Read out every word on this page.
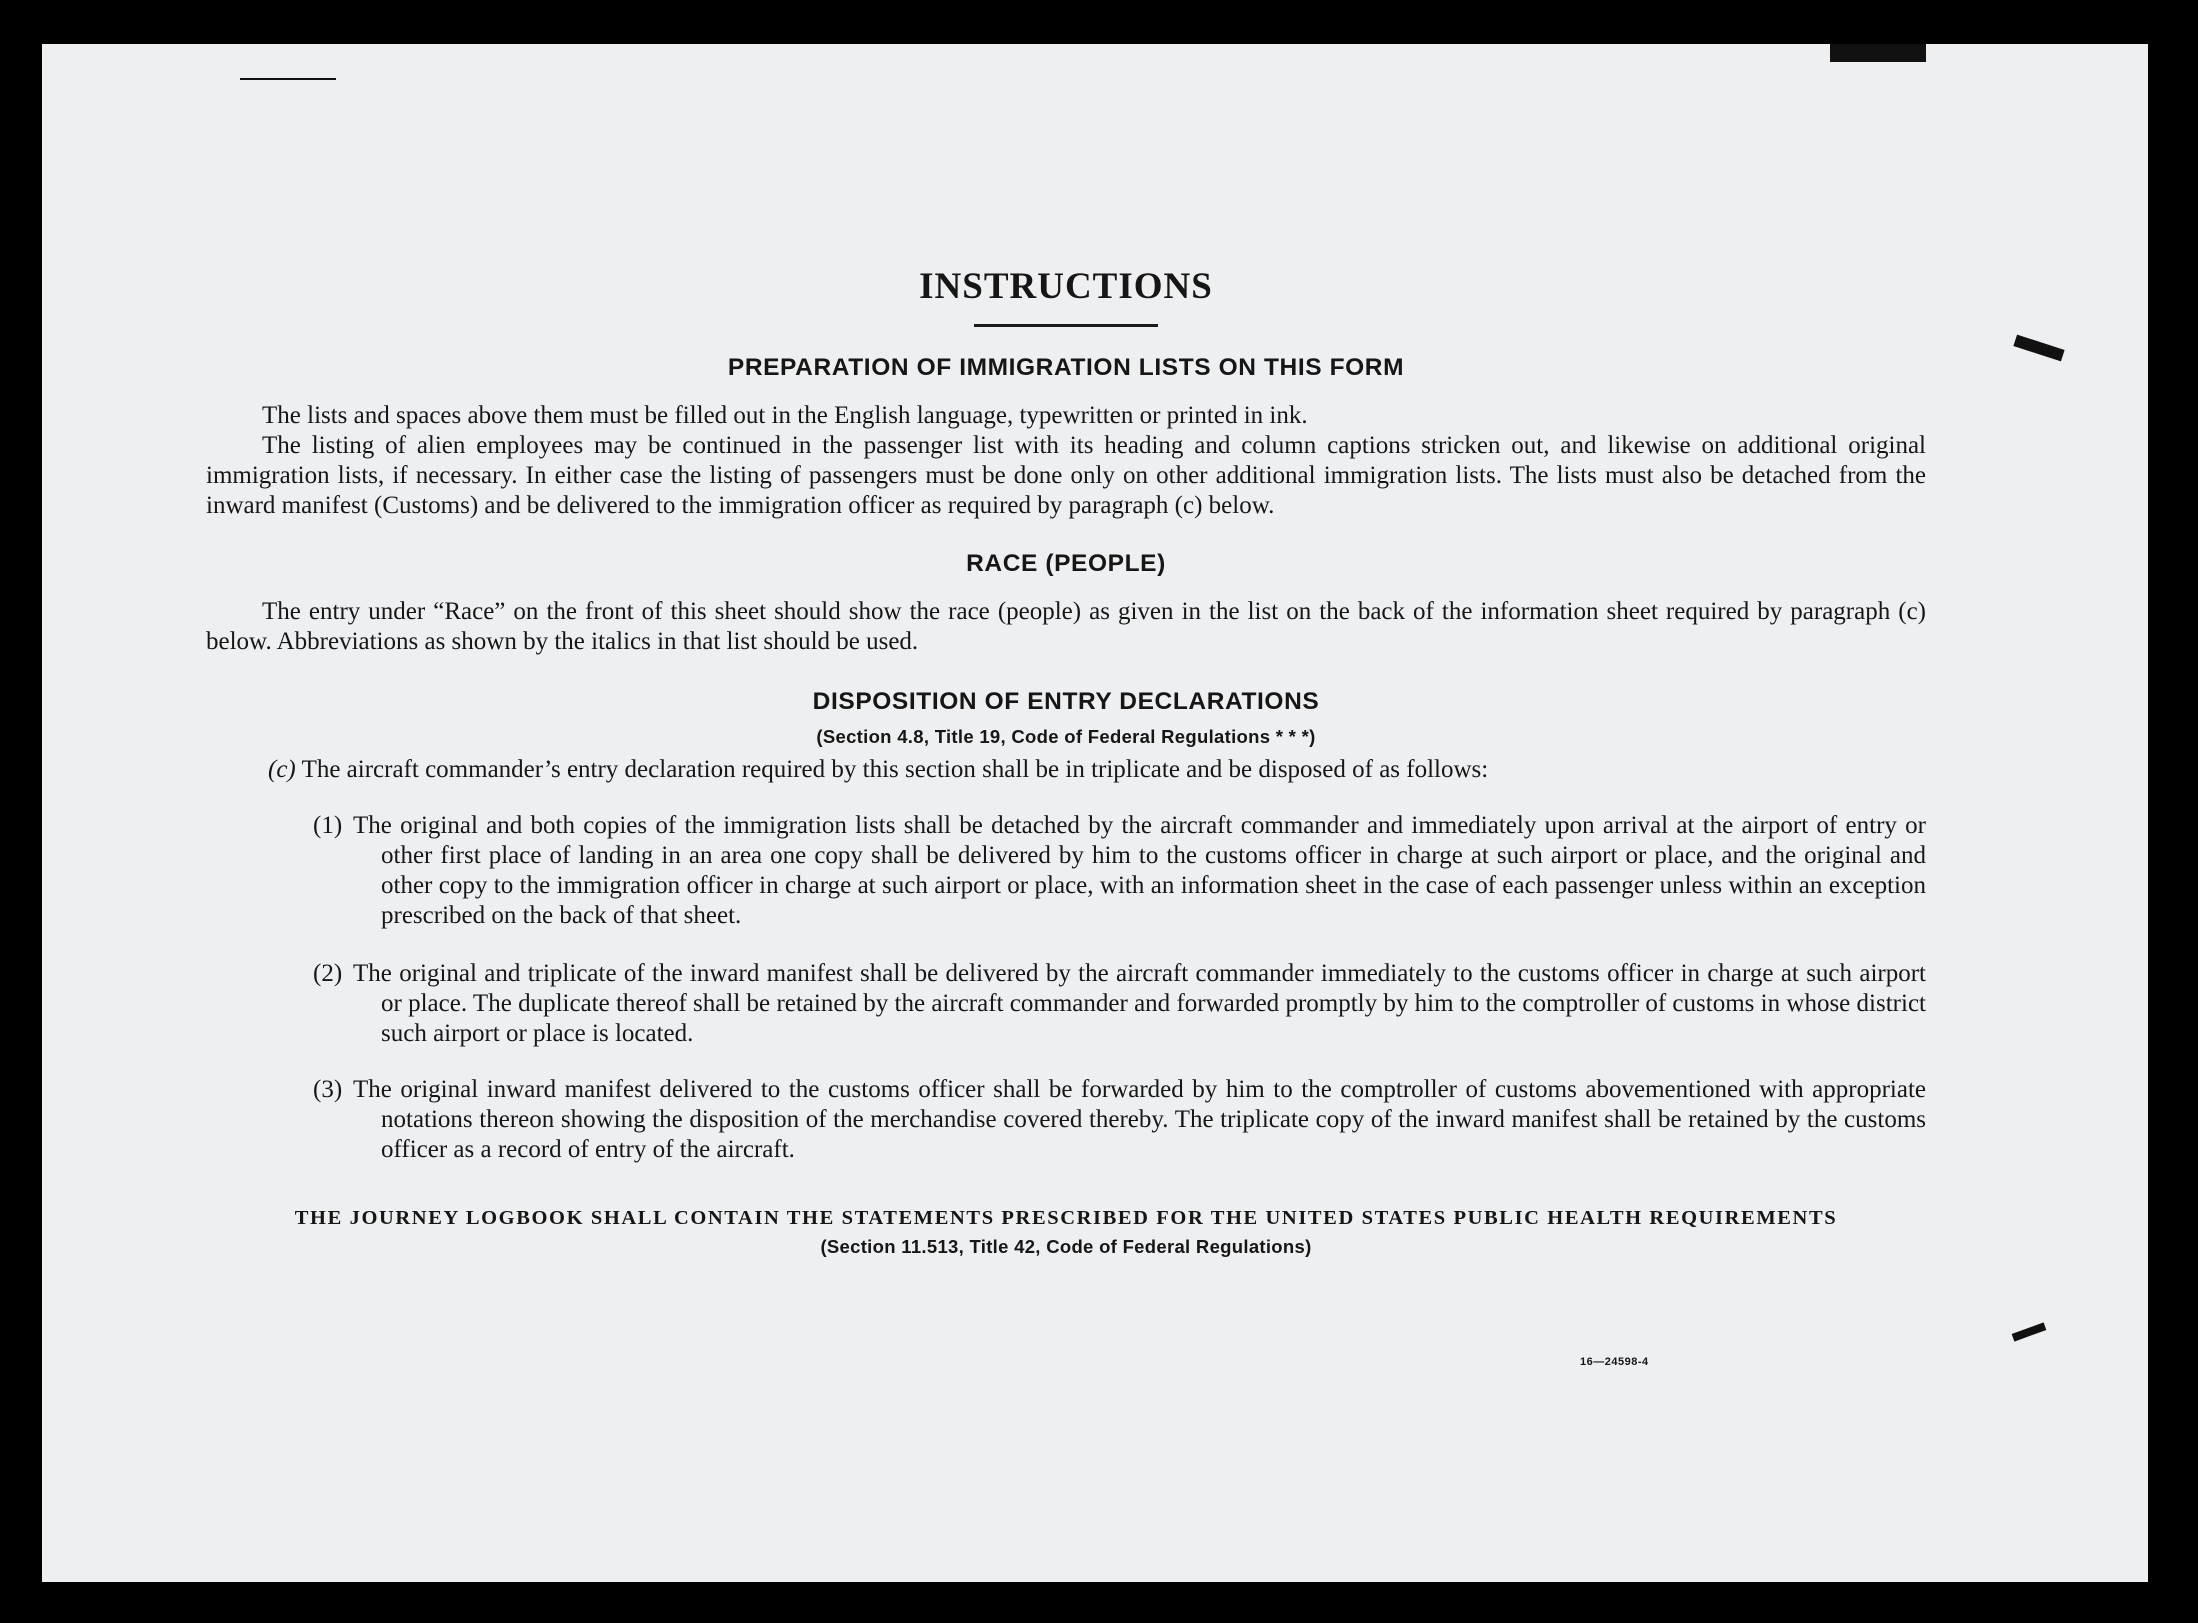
INSTRUCTIONS
PREPARATION OF IMMIGRATION LISTS ON THIS FORM

The lists and spaces above them must be filled out in the English language, typewritten or printed in ink.

The listing of alien employees may be continued in the passenger list with its heading and column captions stricken out, and likewise on additional original immigration lists, if necessary. In either case the listing of passengers must be done only on other additional immigration lists. The lists must also be detached from the inward manifest (Customs) and be delivered to the immigration officer as required by paragraph (c) below.

RACE (PEOPLE)

The entry under “Race” on the front of this sheet should show the race (people) as given in the list on the back of the information sheet required by paragraph (c) below. Abbreviations as shown by the italics in that list should be used.

DISPOSITION OF ENTRY DECLARATIONS
(Section 4.8, Title 19, Code of Federal Regulations * * *)

(c) The aircraft commander’s entry declaration required by this section shall be in triplicate and be disposed of as follows:

(1) The original and both copies of the immigration lists shall be detached by the aircraft commander and immediately upon arrival at the airport of entry or other first place of landing in an area one copy shall be delivered by him to the customs officer in charge at such airport or place, and the original and other copy to the immigration officer in charge at such airport or place, with an information sheet in the case of each passenger unless within an exception prescribed on the back of that sheet.
(2) The original and triplicate of the inward manifest shall be delivered by the aircraft commander immediately to the customs officer in charge at such airport or place. The duplicate thereof shall be retained by the aircraft commander and forwarded promptly by him to the comptroller of customs in whose district such airport or place is located.
(3) The original inward manifest delivered to the customs officer shall be forwarded by him to the comptroller of customs abovementioned with appropriate notations thereon showing the disposition of the merchandise covered thereby. The triplicate copy of the inward manifest shall be retained by the customs officer as a record of entry of the aircraft.
THE JOURNEY LOGBOOK SHALL CONTAIN THE STATEMENTS PRESCRIBED FOR THE UNITED STATES PUBLIC HEALTH REQUIREMENTS
(Section 11.513, Title 42, Code of Federal Regulations)
16—24598-4
